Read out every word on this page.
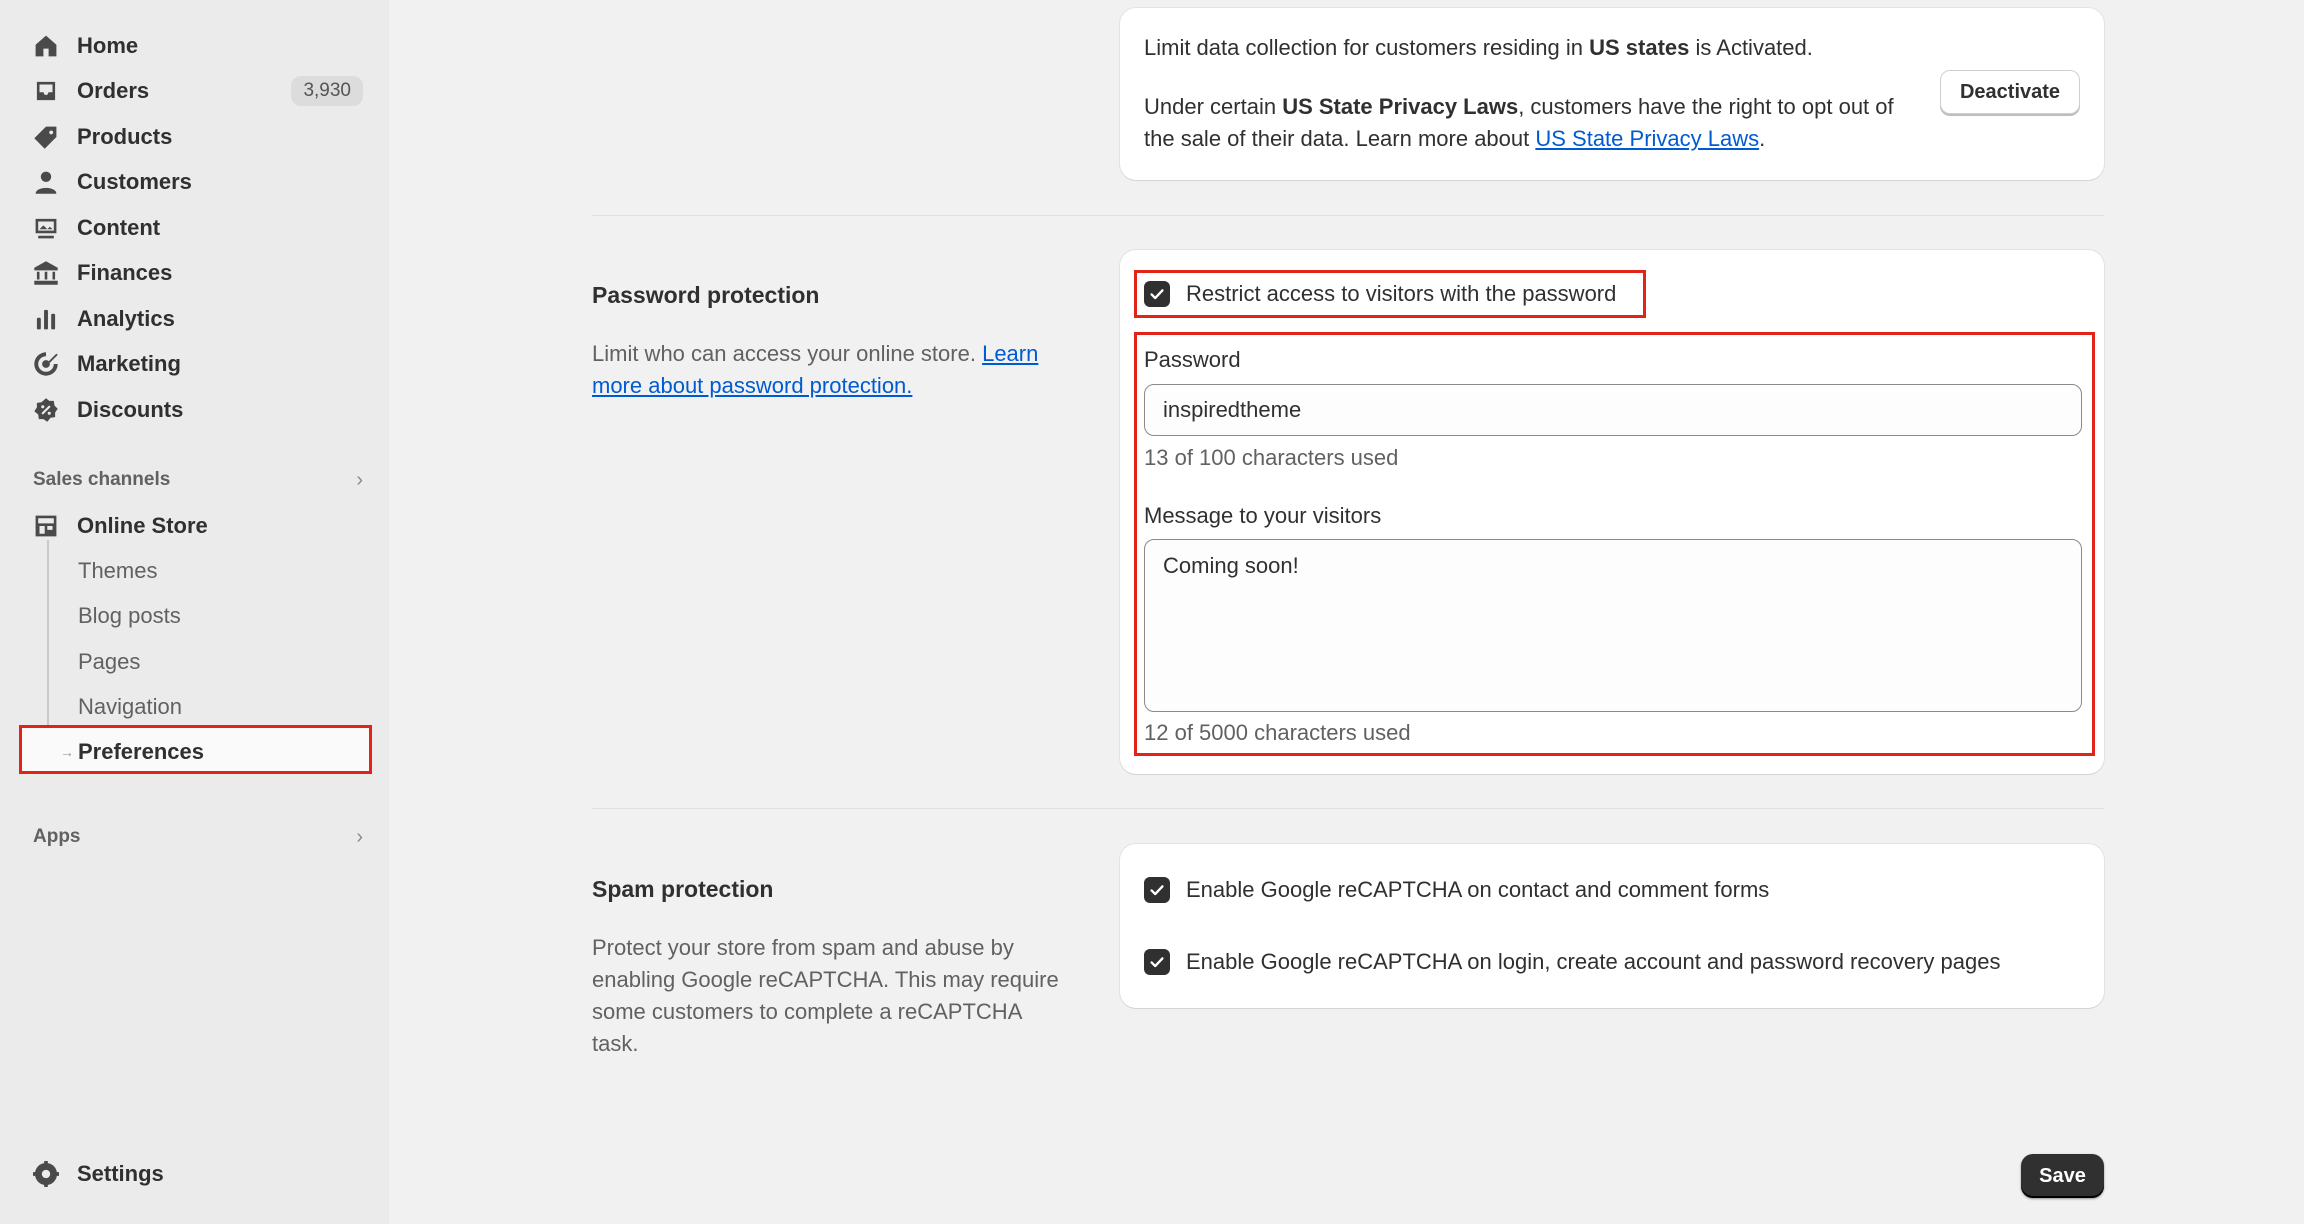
Home
Orders	3,930
Products
Customers
Content
Finances
Analytics
Marketing
Discounts
Sales channels	›
Online Store
Themes
Blog posts
Pages
Navigation
→ Preferences
Apps	›
Settings
Limit data collection for customers residing in US states is Activated.
Under certain US State Privacy Laws, customers have the right to opt out of the sale of their data. Learn more about US State Privacy Laws.
Deactivate
Password protection
Limit who can access your online store. Learn more about password protection.
Restrict access to visitors with the password
Password
inspiredtheme
13 of 100 characters used
Message to your visitors
Coming soon!
12 of 5000 characters used
Spam protection
Protect your store from spam and abuse by enabling Google reCAPTCHA. This may require some customers to complete a reCAPTCHA task.
Enable Google reCAPTCHA on contact and comment forms
Enable Google reCAPTCHA on login, create account and password recovery pages
Save
